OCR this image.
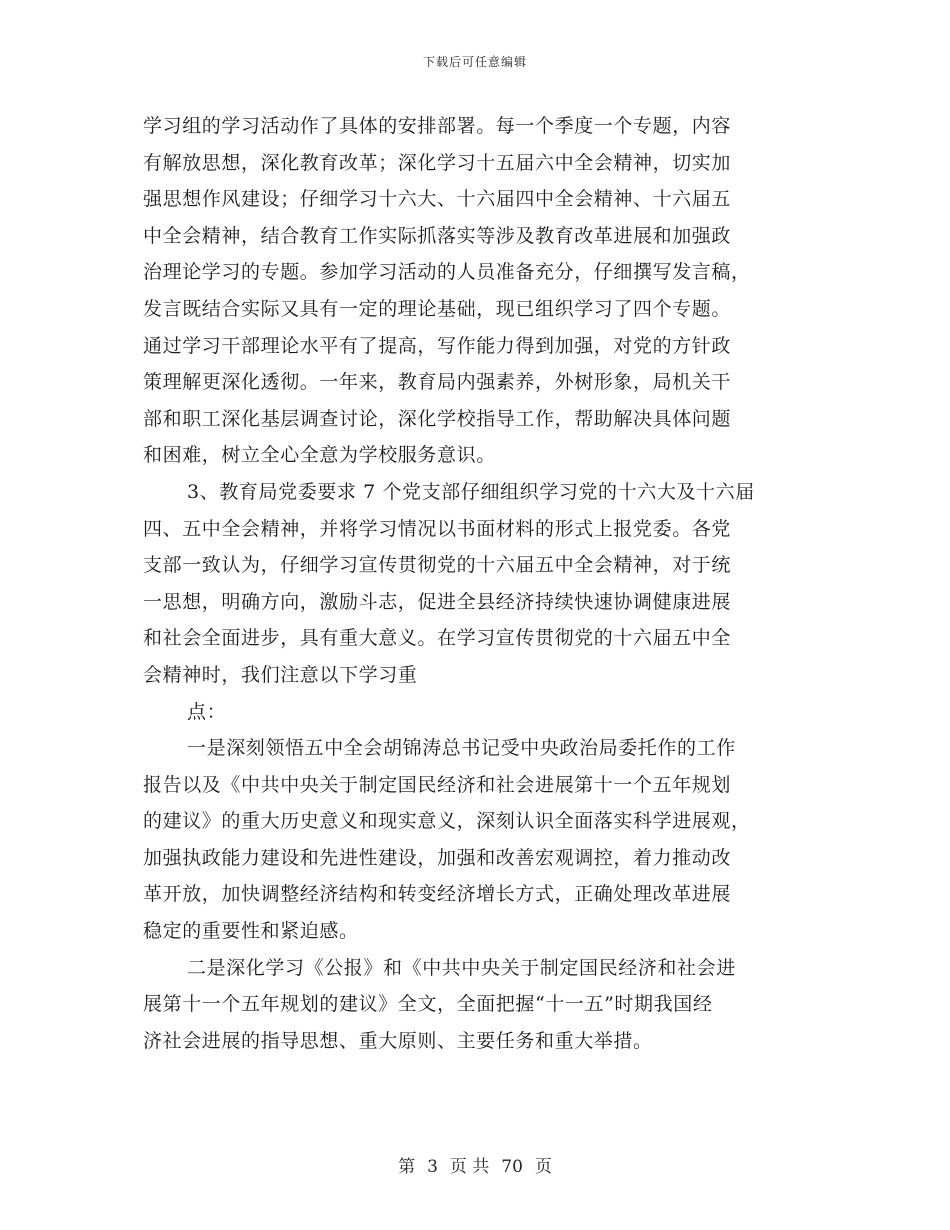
下载后可任意编辑
学习组的学习活动作了具体的安排部署。每一个季度一个专题，内容
有解放思想，深化教育改革；深化学习十五届六中全会精神，切实加
强思想作风建设；仔细学习十六大、十六届四中全会精神、十六届五
中全会精神，结合教育工作实际抓落实等涉及教育改革进展和加强政
治理论学习的专题。参加学习活动的人员准备充分，仔细撰写发言稿，
发言既结合实际又具有一定的理论基础，现已组织学习了四个专题。
通过学习干部理论水平有了提高，写作能力得到加强，对党的方针政
策理解更深化透彻。一年来，教育局内强素养，外树形象，局机关干
部和职工深化基层调查讨论，深化学校指导工作，帮助解决具体问题
和困难，树立全心全意为学校服务意识。
3、教育局党委要求 7 个党支部仔细组织学习党的十六大及十六届
四、五中全会精神，并将学习情况以书面材料的形式上报党委。各党
支部一致认为，仔细学习宣传贯彻党的十六届五中全会精神，对于统
一思想，明确方向，激励斗志，促进全县经济持续快速协调健康进展
和社会全面进步，具有重大意义。在学习宣传贯彻党的十六届五中全
会精神时，我们注意以下学习重
点：
一是深刻领悟五中全会胡锦涛总书记受中央政治局委托作的工作
报告以及《中共中央关于制定国民经济和社会进展第十一个五年规划
的建议》的重大历史意义和现实意义，深刻认识全面落实科学进展观，
加强执政能力建设和先进性建设，加强和改善宏观调控，着力推动改
革开放，加快调整经济结构和转变经济增长方式，正确处理改革进展
稳定的重要性和紧迫感。
二是深化学习《公报》和《中共中央关于制定国民经济和社会进
展第十一个五年规划的建议》全文，全面把握“十一五”时期我国经
济社会进展的指导思想、重大原则、主要任务和重大举措。
第 3 页 共 70 页
